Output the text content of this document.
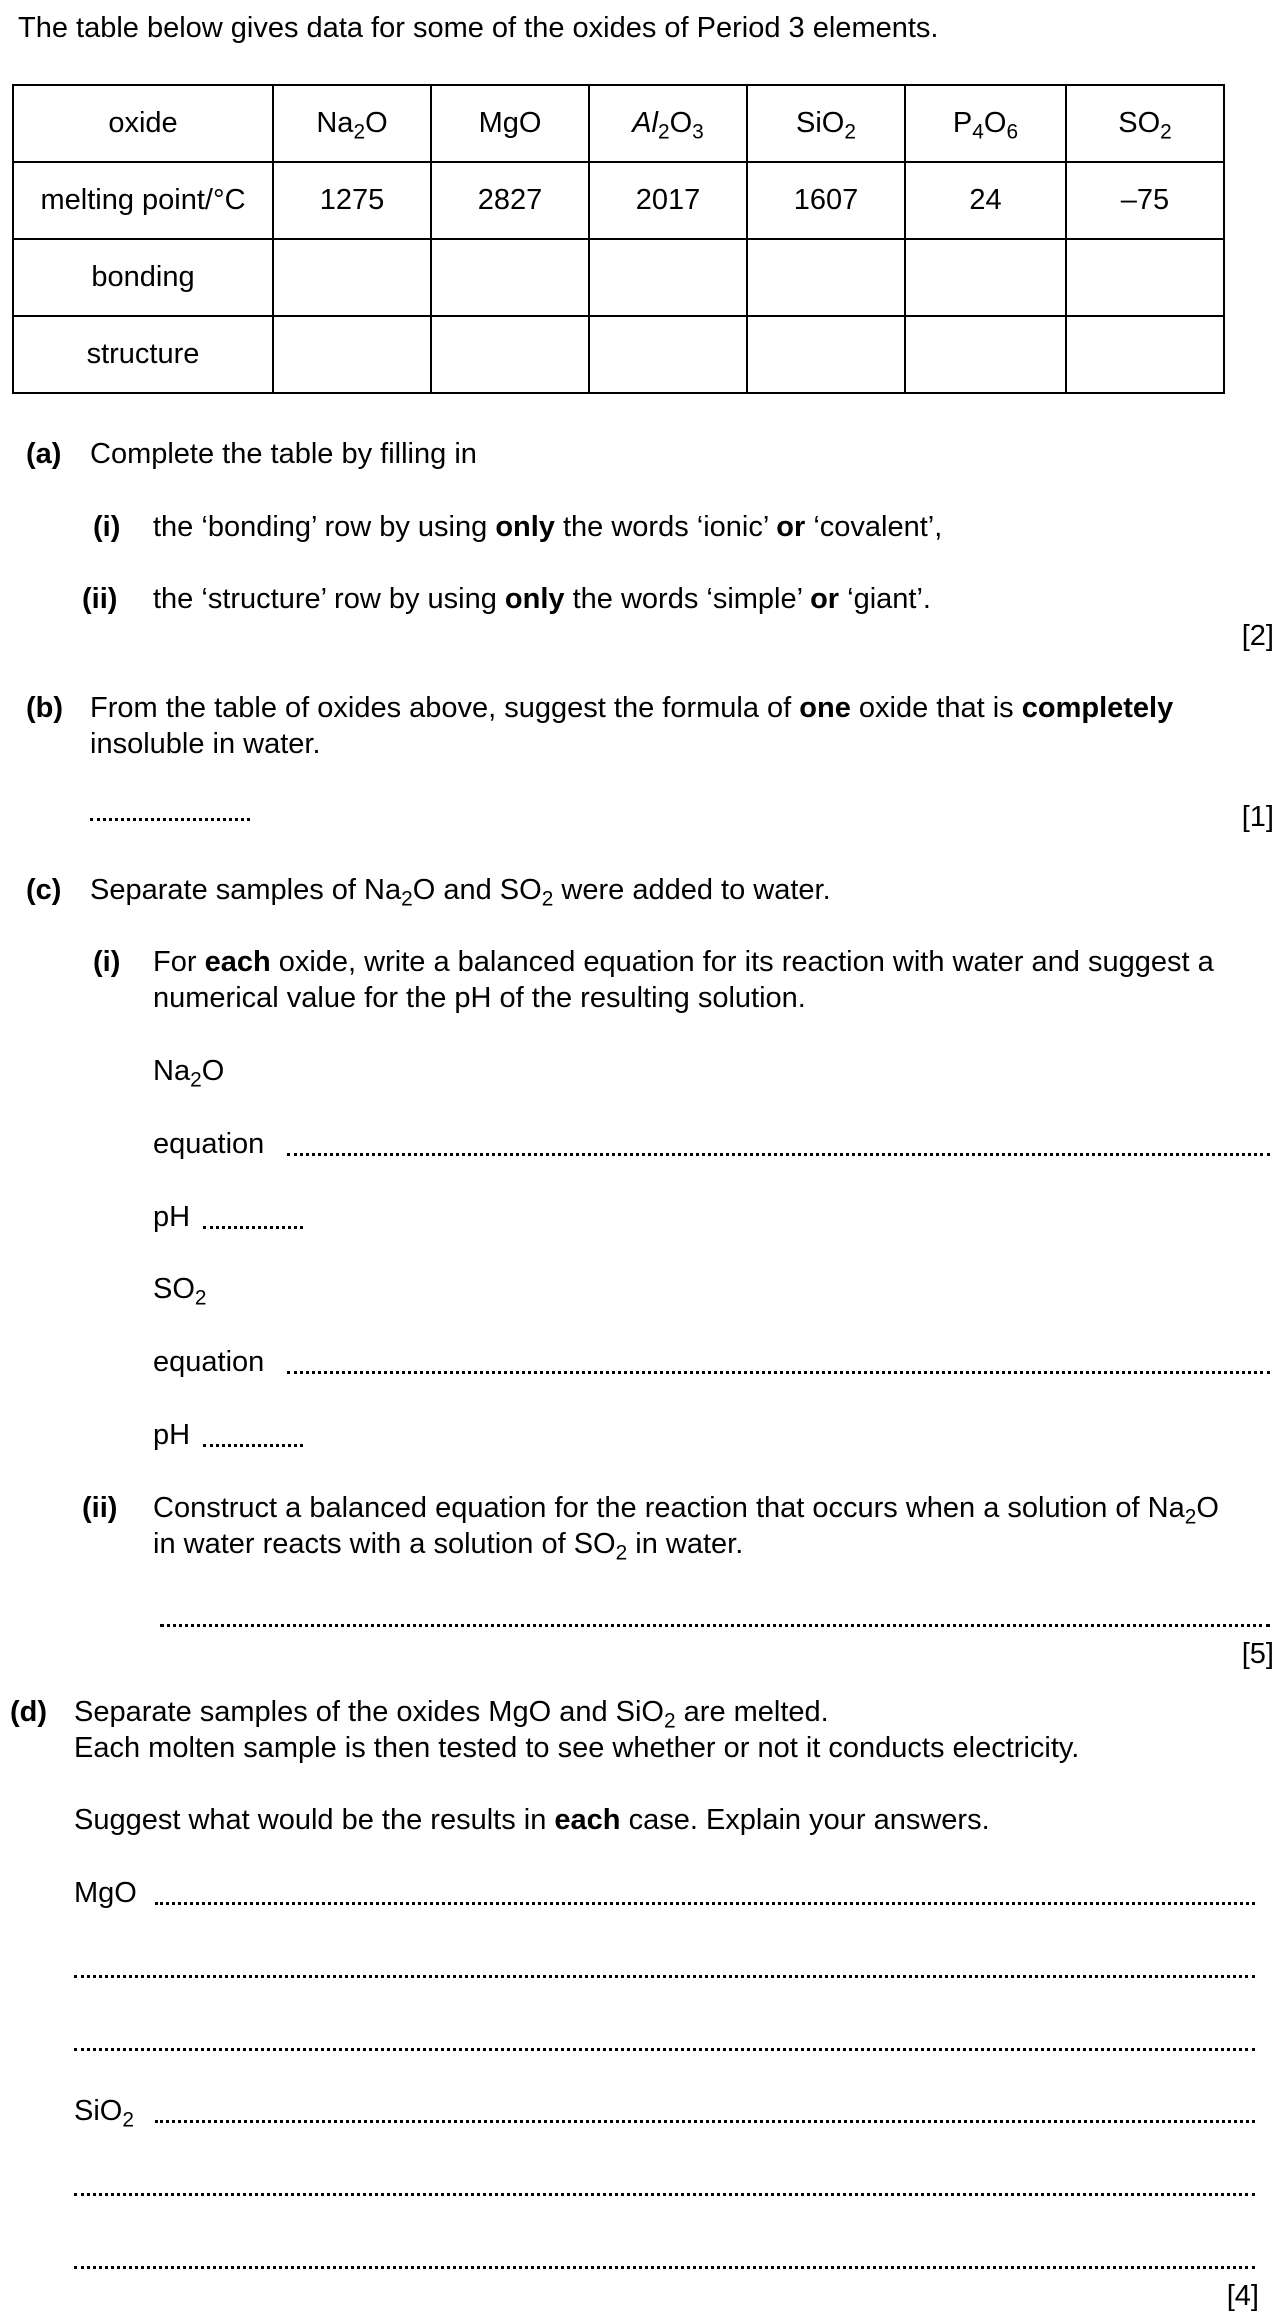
The table below gives data for some of the oxides of Period 3 elements.
oxide	$Na_2O$	MgO	$Al_2O_3$	SiO$_2$	$P_4O_6$	$SO_2$
melting point/°C	1275	2827	2017	1607	24	–75
bonding						
structure						
(a) Complete the table by filling in
(i) the ‘bonding’ row by using only the words ‘ionic’ or ‘covalent’,
(ii) the ‘structure’ row by using only the words ‘simple’ or ‘giant’.
[2]
(b) From the table of oxides above, suggest the formula of one oxide that is completely
insoluble in water.
[1]
(c) Separate samples of $Na_2O$ and $SO_2$ were added to water.
(i) For each oxide, write a balanced equation for its reaction with water and suggest a
numerical value for the pH of the resulting solution.
$Na_2O$
equation
pH
$SO_2$
equation
pH
(ii) Construct a balanced equation for the reaction that occurs when a solution of $Na_2O$
in water reacts with a solution of $SO_2$ in water.
[5]
(d) Separate samples of the oxides MgO and SiO$_2$ are melted.
Each molten sample is then tested to see whether or not it conducts electricity.
Suggest what would be the results in each case. Explain your answers.
MgO
SiO$_2$
[4]
